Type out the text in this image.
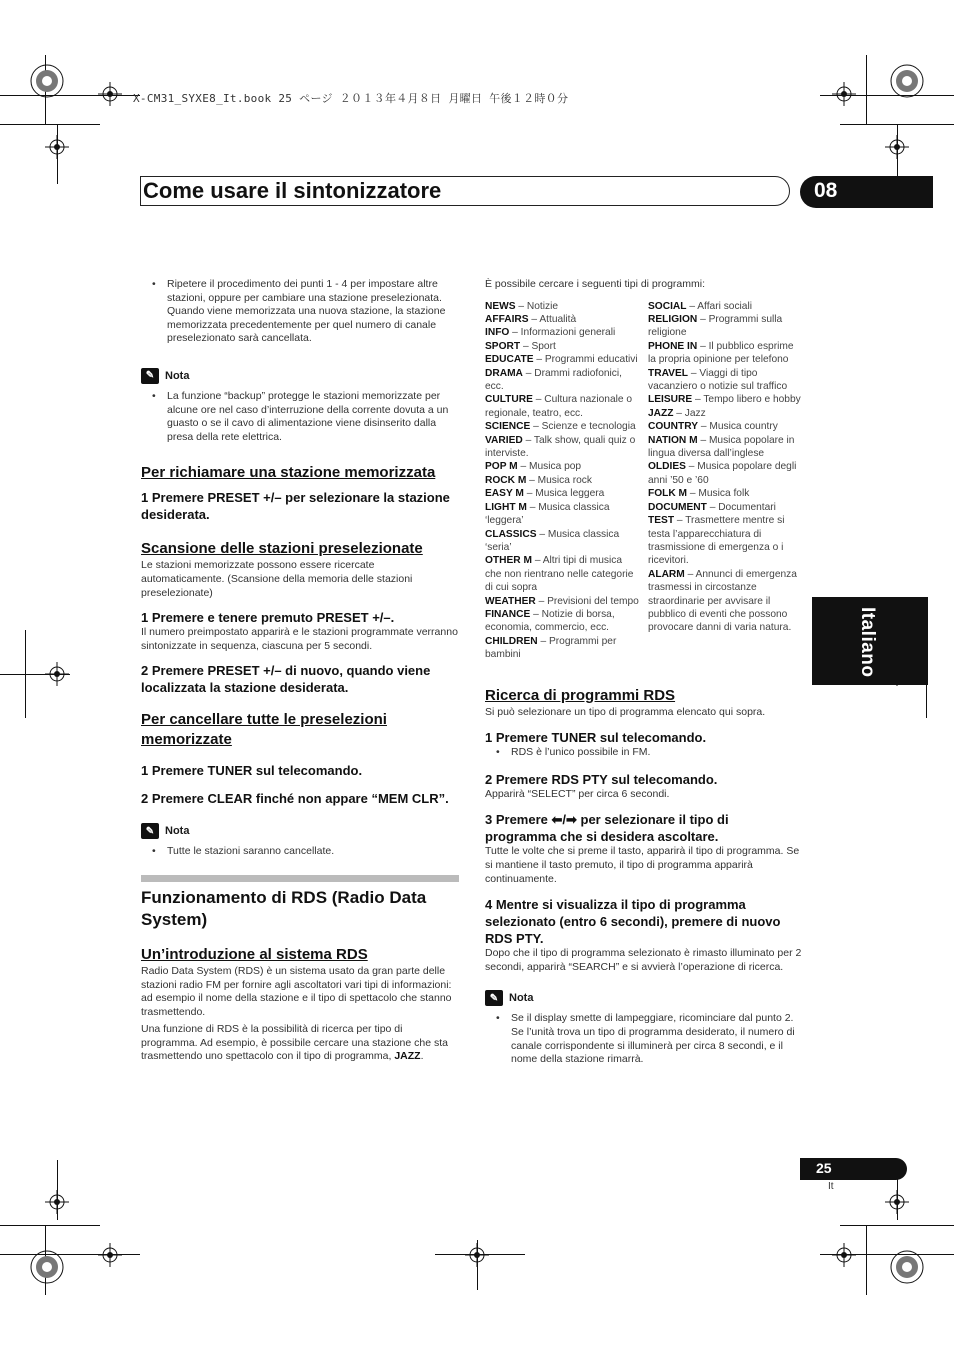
X-CM31_SYXE8_It.book 25 ページ ２０１３年４月８日 月曜日 午後１２時０分
Come usare il sintonizzatore	08
Italiano
• Ripetere il procedimento dei punti 1 - 4 per impostare altre stazioni, oppure per cambiare una stazione preselezionata. Quando viene memorizzata una nuova stazione, la stazione memorizzata precedentemente per quel numero di canale preselezionato sarà cancellata.
✎ Nota
• La funzione “backup” protegge le stazioni memorizzate per alcune ore nel caso d’interruzione della corrente dovuta a un guasto o se il cavo di alimentazione viene disinserito dalla presa della rete elettrica.
Per richiamare una stazione memorizzata
1 Premere PRESET +/– per selezionare la stazione desiderata.
Scansione delle stazioni preselezionate
Le stazioni memorizzate possono essere ricercate automaticamente. (Scansione della memoria delle stazioni preselezionate)
1 Premere e tenere premuto PRESET +/–.
Il numero preimpostato apparirà e le stazioni programmate verranno sintonizzate in sequenza, ciascuna per 5 secondi.
2 Premere PRESET +/– di nuovo, quando viene localizzata la stazione desiderata.
Per cancellare tutte le preselezioni memorizzate
1 Premere TUNER sul telecomando.
2 Premere CLEAR finché non appare “MEM CLR”.
✎ Nota
• Tutte le stazioni saranno cancellate.
Funzionamento di RDS (Radio Data System)
Un’introduzione al sistema RDS
Radio Data System (RDS) è un sistema usato da gran parte delle stazioni radio FM per fornire agli ascoltatori vari tipi di informazioni: ad esempio il nome della stazione e il tipo di spettacolo che stanno trasmettendo.
Una funzione di RDS è la possibilità di ricerca per tipo di programma. Ad esempio, è possibile cercare una stazione che sta trasmettendo uno spettacolo con il tipo di programma, JAZZ.
È possibile cercare i seguenti tipi di programmi:
NEWS – Notizie
AFFAIRS – Attualità
INFO – Informazioni generali
SPORT – Sport
EDUCATE – Programmi educativi
DRAMA – Drammi radiofonici, ecc.
CULTURE – Cultura nazionale o regionale, teatro, ecc.
SCIENCE – Scienze e tecnologia
VARIED – Talk show, quali quiz o interviste.
POP M – Musica pop
ROCK M – Musica rock
EASY M – Musica leggera
LIGHT M – Musica classica ‘leggera’
CLASSICS – Musica classica ‘seria’
OTHER M – Altri tipi di musica che non rientrano nelle categorie di cui sopra
WEATHER – Previsioni del tempo
FINANCE – Notizie di borsa, economia, commercio, ecc.
CHILDREN – Programmi per bambini
SOCIAL – Affari sociali
RELIGION – Programmi sulla religione
PHONE IN – Il pubblico esprime la propria opinione per telefono
TRAVEL – Viaggi di tipo vacanziero o notizie sul traffico
LEISURE – Tempo libero e hobby
JAZZ – Jazz
COUNTRY – Musica country
NATION M – Musica popolare in lingua diversa dall’inglese
OLDIES – Musica popolare degli anni ’50 e ’60
FOLK M – Musica folk
DOCUMENT – Documentari
TEST – Trasmettere mentre si testa l’apparecchiatura di trasmissione di emergenza o i ricevitori.
ALARM – Annunci di emergenza trasmessi in circostanze straordinarie per avvisare il pubblico di eventi che possono provocare danni di varia natura.
Ricerca di programmi RDS
Si può selezionare un tipo di programma elencato qui sopra.
1 Premere TUNER sul telecomando.
• RDS è l’unico possibile in FM.
2 Premere RDS PTY sul telecomando.
Apparirà “SELECT” per circa 6 secondi.
3 Premere ⬅/➡ per selezionare il tipo di programma che si desidera ascoltare.
Tutte le volte che si preme il tasto, apparirà il tipo di programma. Se si mantiene il tasto premuto, il tipo di programma apparirà continuamente.
4 Mentre si visualizza il tipo di programma selezionato (entro 6 secondi), premere di nuovo RDS PTY.
Dopo che il tipo di programma selezionato è rimasto illuminato per 2 secondi, apparirà “SEARCH” e si avvierà l’operazione di ricerca.
✎ Nota
• Se il display smette di lampeggiare, ricominciare dal punto 2. Se l’unità trova un tipo di programma desiderato, il numero di canale corrispondente si illuminerà per circa 8 secondi, e il nome della stazione rimarrà.
25
It
